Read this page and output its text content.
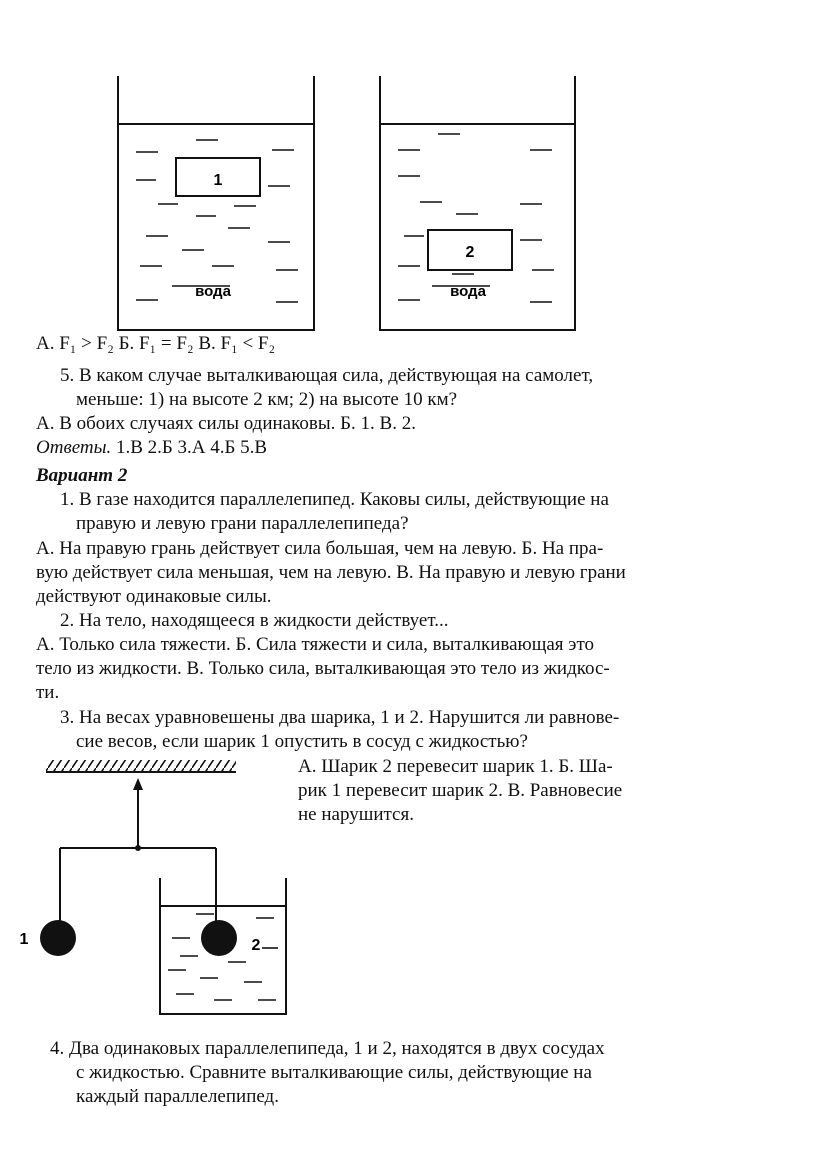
1
2
вода	вода
А. F₁ > F₂ Б. F₁ = F₂ В. F₁ < F₂
5. В каком случае выталкивающая сила, действующая на самолет,
меньше: 1) на высоте 2 км; 2) на высоте 10 км?
А. В обоих случаях силы одинаковы. Б. 1. В. 2.
Ответы. 1.В 2.Б 3.А 4.Б 5.В
Вариант 2
1. В газе находится параллелепипед. Каковы силы, действующие на
правую и левую грани параллелепипеда?
А. На правую грань действует сила большая, чем на левую. Б. На пра-
вую действует сила меньшая, чем на левую. В. На правую и левую грани
действуют одинаковые силы.
2. На тело, находящееся в жидкости действует...
А. Только сила тяжести. Б. Сила тяжести и сила, выталкивающая это
тело из жидкости. В. Только сила, выталкивающая это тело из жидкос-
ти.
3. На весах уравновешены два шарика, 1 и 2. Нарушится ли равнове-
сие весов, если шарик 1 опустить в сосуд с жидкостью?
А. Шарик 2 перевесит шарик 1. Б. Ша-
рик 1 перевесит шарик 2. В. Равновесие
не нарушится.
1	2
4. Два одинаковых параллелепипеда, 1 и 2, находятся в двух сосудах
с жидкостью. Сравните выталкивающие силы, действующие на
каждый параллелепипед.
